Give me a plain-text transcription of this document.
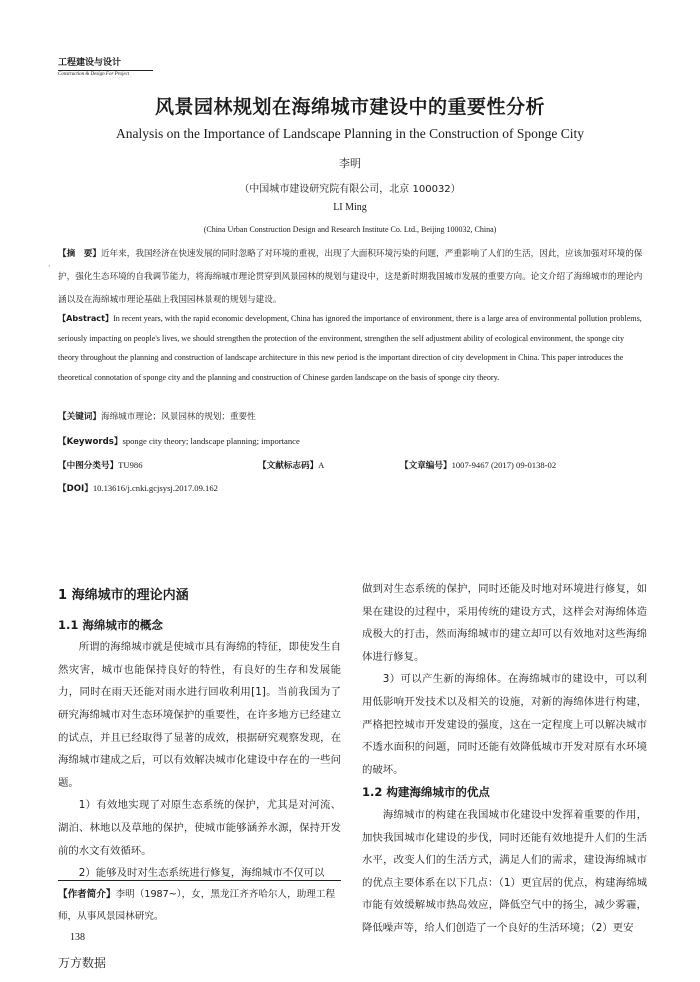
工程建设与设计
Construction & Design For Project
风景园林规划在海绵城市建设中的重要性分析
Analysis on the Importance of Landscape Planning in the Construction of Sponge City
李明
（中国城市建设研究院有限公司，北京 100032）
LI Ming
(China Urban Construction Design and Research Institute Co. Ltd., Beijing 100032, China)
·
【摘　要】近年来，我国经济在快速发展的同时忽略了对环境的重视，出现了大面积环境污染的问题，严重影响了人们的生活，因此，应该加强对环境的保护，强化生态环境的自我调节能力，将海绵城市理论贯穿到风景园林的规划与建设中，这是新时期我国城市发展的重要方向。论文介绍了海绵城市的理论内涵以及在海绵城市理论基础上我国园林景观的规划与建设。
【Abstract】In recent years, with the rapid economic development, China has ignored the importance of environment, there is a large area of environmental pollution problems, seriously impacting on people's lives, we should strengthen the protection of the environment, strengthen the self adjustment ability of ecological environment, the sponge city theory throughout the planning and construction of landscape architecture in this new period is the important direction of city development in China. This paper introduces the theoretical connotation of sponge city and the planning and construction of Chinese garden landscape on the basis of sponge city theory.
【关键词】海绵城市理论；风景园林的规划；重要性
【Keywords】sponge city theory; landscape planning; importance
【中图分类号】TU986	【文献标志码】A	【文章编号】1007-9467 (2017) 09-0138-02
【DOI】10.13616/j.cnki.gcjsysj.2017.09.162
1 海绵城市的理论内涵
1.1 海绵城市的概念

所谓的海绵城市就是使城市具有海绵的特征，即使发生自然灾害，城市也能保持良好的特性，有良好的生存和发展能力，同时在雨天还能对雨水进行回收利用[1]。当前我国为了研究海绵城市对生态环境保护的重要性，在许多地方已经建立的试点，并且已经取得了显著的成效，根据研究观察发现，在海绵城市建成之后，可以有效解决城市化建设中存在的一些问题。

1）有效地实现了对原生态系统的保护，尤其是对河流、湖泊、林地以及草地的保护，使城市能够涵养水源，保持开发前的水文有效循环。

2）能够及时对生态系统进行修复，海绵城市不仅可以

做到对生态系统的保护，同时还能及时地对环境进行修复，如果在建设的过程中，采用传统的建设方式，这样会对海绵体造成极大的打击，然而海绵城市的建立却可以有效地对这些海绵体进行修复。

3）可以产生新的海绵体。在海绵城市的建设中，可以利用低影响开发技术以及相关的设施，对新的海绵体进行构建，严格把控城市开发建设的强度，这在一定程度上可以解决城市不透水面积的问题，同时还能有效降低城市开发对原有水环境的破坏。

1.2 构建海绵城市的优点

海绵城市的构建在我国城市化建设中发挥着重要的作用，加快我国城市化建设的步伐，同时还能有效地提升人们的生活水平，改变人们的生活方式，满足人们的需求，建设海绵城市的优点主要体系在以下几点：（1）更宜居的优点，构建海绵城市能有效缓解城市热岛效应，降低空气中的扬尘，减少雾霾，降低噪声等，给人们创造了一个良好的生活环境；（2）更安

【作者简介】李明（1987~），女，黑龙江齐齐哈尔人，助理工程师，从事风景园林研究。
138
万方数据
